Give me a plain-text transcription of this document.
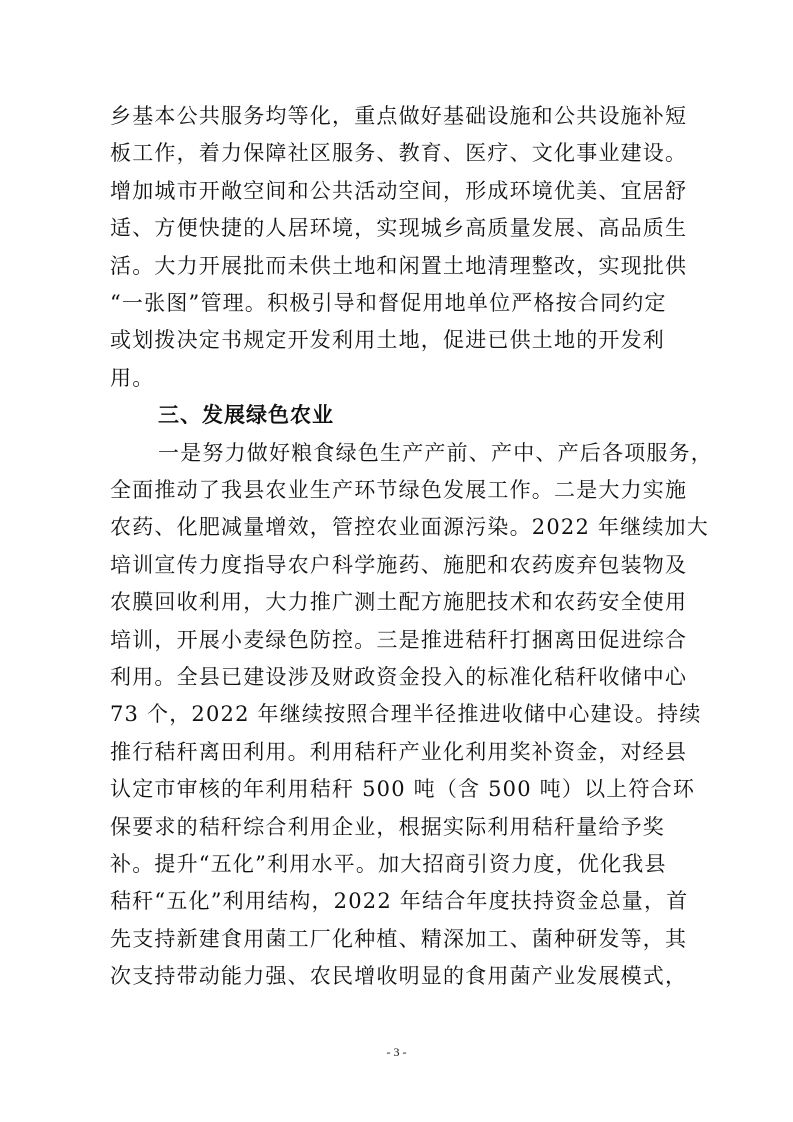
乡基本公共服务均等化，重点做好基础设施和公共设施补短
板工作，着力保障社区服务、教育、医疗、文化事业建设。
增加城市开敞空间和公共活动空间，形成环境优美、宜居舒
适、方便快捷的人居环境，实现城乡高质量发展、高品质生
活。大力开展批而未供土地和闲置土地清理整改，实现批供
“一张图”管理。积极引导和督促用地单位严格按合同约定
或划拨决定书规定开发利用土地，促进已供土地的开发利
用。
三、发展绿色农业
一是努力做好粮食绿色生产产前、产中、产后各项服务，
全面推动了我县农业生产环节绿色发展工作。二是大力实施
农药、化肥减量增效，管控农业面源污染。2022 年继续加大
培训宣传力度指导农户科学施药、施肥和农药废弃包装物及
农膜回收利用，大力推广测土配方施肥技术和农药安全使用
培训，开展小麦绿色防控。三是推进秸秆打捆离田促进综合
利用。全县已建设涉及财政资金投入的标准化秸秆收储中心
73 个，2022 年继续按照合理半径推进收储中心建设。持续
推行秸秆离田利用。利用秸秆产业化利用奖补资金，对经县
认定市审核的年利用秸秆 500 吨（含 500 吨）以上符合环
保要求的秸秆综合利用企业，根据实际利用秸秆量给予奖
补。提升“五化”利用水平。加大招商引资力度，优化我县
秸秆“五化”利用结构，2022 年结合年度扶持资金总量，首
先支持新建食用菌工厂化种植、精深加工、菌种研发等，其
次支持带动能力强、农民增收明显的食用菌产业发展模式，
- 3 -
